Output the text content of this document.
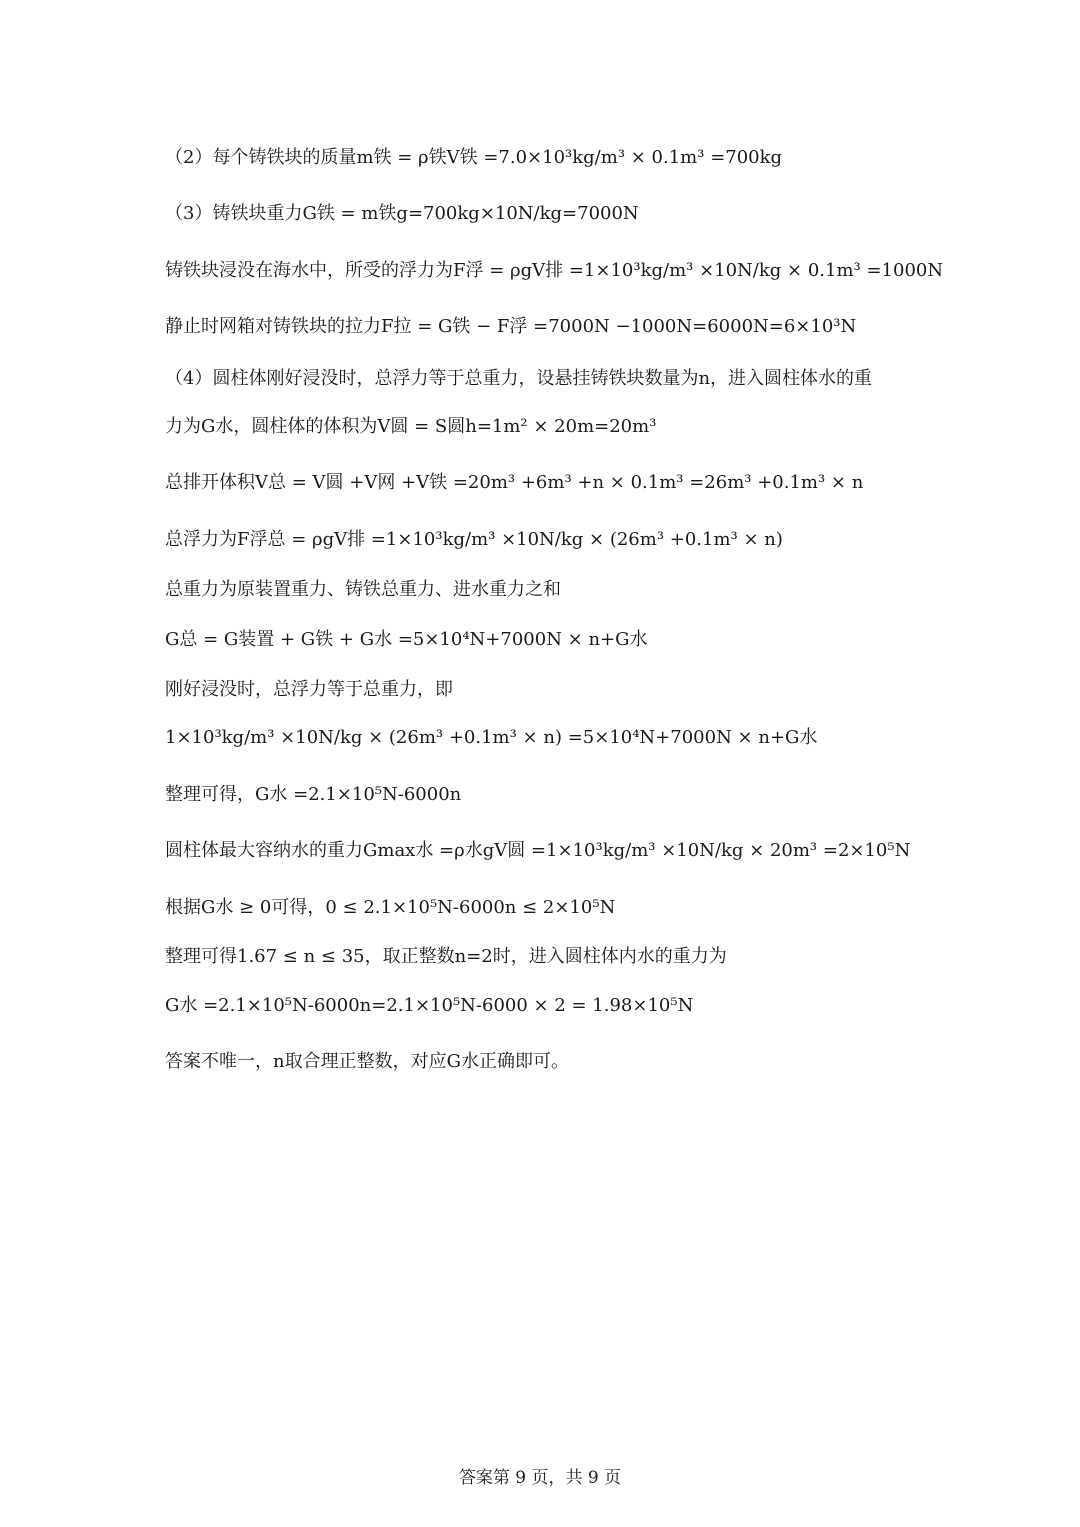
（2）每个铸铁块的质量m铁 = ρ铁V铁 =7.0×10³kg/m³ × 0.1m³ =700kg
（3）铸铁块重力G铁 = m铁g=700kg×10N/kg=7000N
铸铁块浸没在海水中，所受的浮力为F浮 = ρgV排 =1×10³kg/m³ ×10N/kg × 0.1m³ =1000N
静止时网箱对铸铁块的拉力F拉 = G铁 − F浮 =7000N −1000N=6000N=6×10³N
（4）圆柱体刚好浸没时，总浮力等于总重力，设悬挂铸铁块数量为n，进入圆柱体水的重
力为G水，圆柱体的体积为V圆 = S圆h=1m² × 20m=20m³
总排开体积V总 = V圆 +V网 +V铁 =20m³ +6m³ +n × 0.1m³ =26m³ +0.1m³ × n
总浮力为F浮总 = ρgV排 =1×10³kg/m³ ×10N/kg × (26m³ +0.1m³ × n)
总重力为原装置重力、铸铁总重力、进水重力之和
G总 = G装置 + G铁 + G水 =5×10⁴N+7000N × n+G水
刚好浸没时，总浮力等于总重力，即
1×10³kg/m³ ×10N/kg × (26m³ +0.1m³ × n) =5×10⁴N+7000N × n+G水
整理可得，G水 =2.1×10⁵N-6000n
圆柱体最大容纳水的重力Gmax水 =ρ水gV圆 =1×10³kg/m³ ×10N/kg × 20m³ =2×10⁵N
根据G水 ≥ 0可得，0 ≤ 2.1×10⁵N-6000n ≤ 2×10⁵N
整理可得1.67 ≤ n ≤ 35，取正整数n=2时，进入圆柱体内水的重力为
G水 =2.1×10⁵N-6000n=2.1×10⁵N-6000 × 2 = 1.98×10⁵N
答案不唯一，n取合理正整数，对应G水正确即可。
答案第 9 页，共 9 页
